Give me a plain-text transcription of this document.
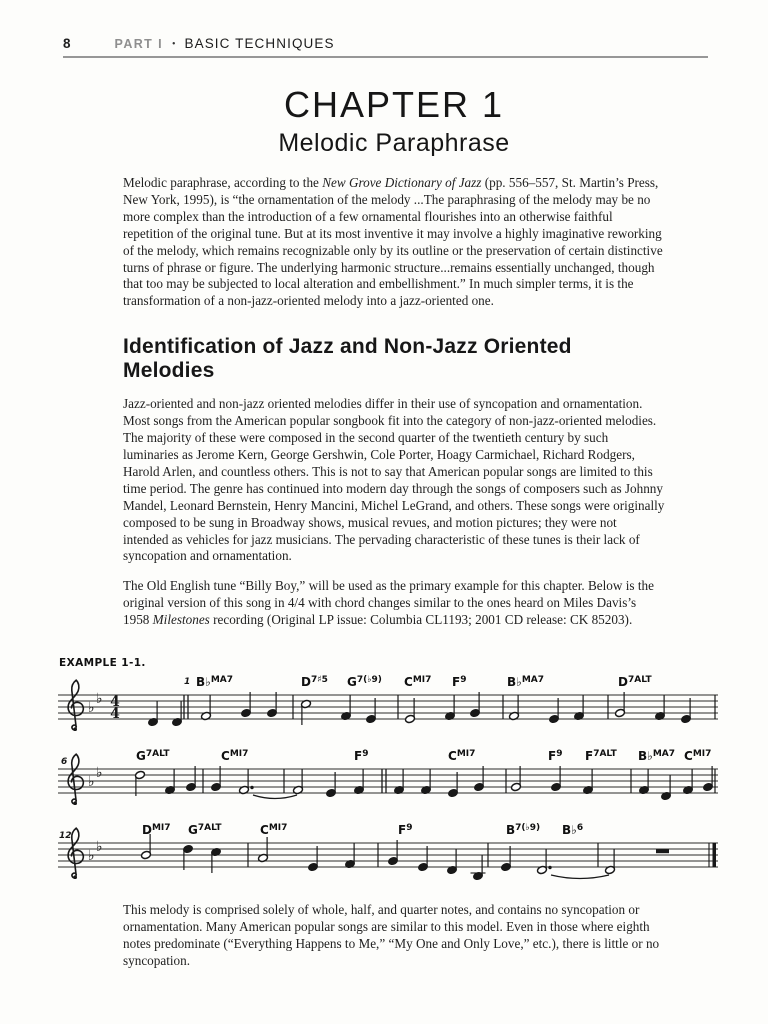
8	PART I • BASIC TECHNIQUES
CHAPTER 1
Melodic Paraphrase

Melodic paraphrase, according to the New Grove Dictionary of Jazz (pp. 556–557, St. Martin’s Press, New York, 1995), is “the ornamentation of the melody ...The paraphrasing of the melody may be no more complex than the introduction of a few ornamental flourishes into an otherwise faithful repetition of the original tune. But at its most inventive it may involve a highly imaginative reworking of the melody, which remains recognizable only by its outline or the preservation of certain distinctive turns of phrase or figure. The underlying harmonic structure...remains essentially unchanged, though that too may be subjected to local alteration and embellishment.” In much simpler terms, it is the transformation of a non-jazz-oriented melody into a jazz-oriented one.

Identification of Jazz and Non-Jazz Oriented Melodies

Jazz-oriented and non-jazz oriented melodies differ in their use of syncopation and ornamentation. Most songs from the American popular songbook fit into the category of non-jazz-oriented melodies. The majority of these were composed in the second quarter of the twentieth century by such luminaries as Jerome Kern, George Gershwin, Cole Porter, Hoagy Carmichael, Richard Rodgers, Harold Arlen, and countless others. This is not to say that American popular songs are limited to this time period. The genre has continued into modern day through the songs of composers such as Johnny Mandel, Leonard Bernstein, Henry Mancini, Michel LeGrand, and others. These songs were originally composed to be sung in Broadway shows, musical revues, and motion pictures; they were not intended as vehicles for jazz musicians. The pervading characteristic of these tunes is their lack of syncopation and ornamentation.

The Old English tune “Billy Boy,” will be used as the primary example for this chapter. Below is the original version of this song in 4/4 with chord changes similar to the ones heard on Miles Davis’s 1958 Milestones recording (Original LP issue: Columbia CL1193; 2001 CD release: CK 85203).

EXAMPLE 1-1.
♭
♭ 4
4
1 B♭$^{MA7}$	$D^{7♯5}$ $G^{7(♭9)}$ $C^{MI7}$ $F^9$	B♭$^{MA7}$	$D^{7ALT}$
♭
♭
6	$G^{7ALT}$	$C^{MI7}$	$F^9$	$C^{MI7}$	$F^9$ $F^{7ALT}$ B♭$^{MA7}$ $C^{MI7}$
♭
♭
12	$D^{MI7}$ $G^{7ALT}$	$C^{MI7}$	$F^9$	$B^{7(♭9)}$ B♭$^6$

This melody is comprised solely of whole, half, and quarter notes, and contains no syncopation or ornamentation. Many American popular songs are similar to this model. Even in those where eighth notes predominate (“Everything Happens to Me,” “My One and Only Love,” etc.), there is little or no syncopation.
